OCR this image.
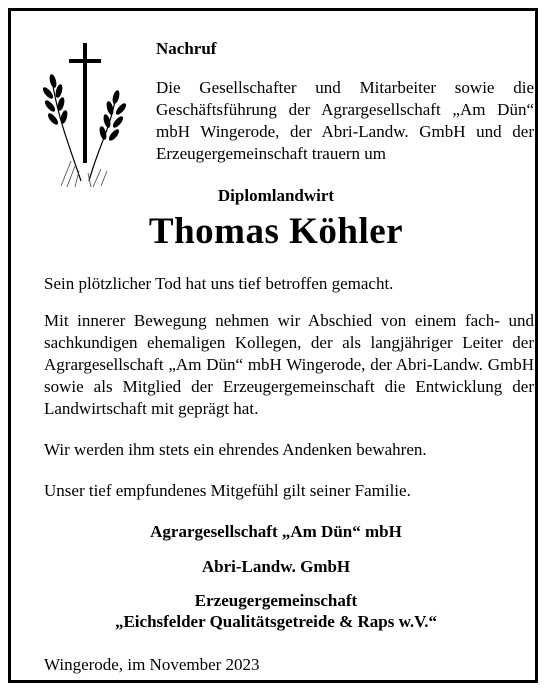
Nachruf

Die Gesellschafter und Mitarbeiter sowie die Geschäftsführung der Agrargesellschaft „Am Dün“ mbH Wingerode, der Abri-Landw. GmbH und der Erzeugergemeinschaft trauern um

Diplomlandwirt

Thomas Köhler

Sein plötzlicher Tod hat uns tief betroffen gemacht.

Mit innerer Bewegung nehmen wir Abschied von einem fach- und sachkundigen ehemaligen Kollegen, der als langjähriger Leiter der Agrargesellschaft „Am Dün“ mbH Wingerode, der Abri-Landw. GmbH sowie als Mitglied der Erzeugergemeinschaft die Entwicklung der Landwirtschaft mit geprägt hat.

Wir werden ihm stets ein ehrendes Andenken bewahren.

Unser tief empfundenes Mitgefühl gilt seiner Familie.

Agrargesellschaft „Am Dün“ mbH

Abri-Landw. GmbH

Erzeugergemeinschaft

„Eichsfelder Qualitätsgetreide & Raps w.V.“

Wingerode, im November 2023
